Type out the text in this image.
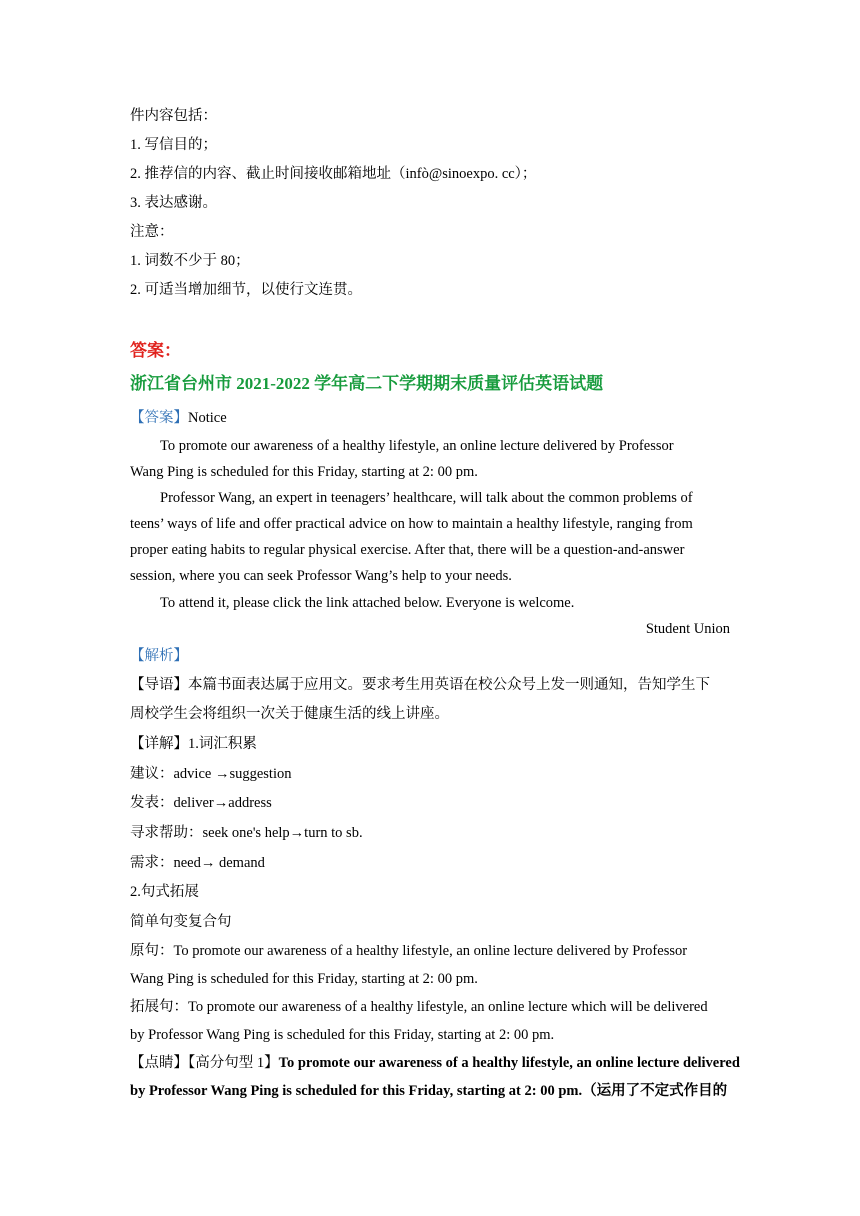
件内容包括：
1. 写信目的；
2. 推荐信的内容、截止时间接收邮箱地址（infò@sinoexpo. cc）；
3. 表达感谢。
注意：
1. 词数不少于 80；
2. 可适当增加细节，以使行文连贯。
答案：
浙江省台州市 2021-2022 学年高二下学期期末质量评估英语试题
【答案】Notice
To promote our awareness of a healthy lifestyle, an online lecture delivered by Professor
Wang Ping is scheduled for this Friday, starting at 2: 00 pm.
Professor Wang, an expert in teenagers’ healthcare, will talk about the common problems of
teens’ ways of life and offer practical advice on how to maintain a healthy lifestyle, ranging from
proper eating habits to regular physical exercise. After that, there will be a question-and-answer
session, where you can seek Professor Wang’s help to your needs.
To attend it, please click the link attached below. Everyone is welcome.
Student Union
【解析】
【导语】本篇书面表达属于应用文。要求考生用英语在校公众号上发一则通知，告知学生下
周校学生会将组织一次关于健康生活的线上讲座。
【详解】1.词汇积累
建议：advice →suggestion
发表：deliver→address
寻求帮助：seek one's help→turn to sb.
需求：need→ demand
2.句式拓展
简单句变复合句
原句：To promote our awareness of a healthy lifestyle, an online lecture delivered by Professor
Wang Ping is scheduled for this Friday, starting at 2: 00 pm.
拓展句：To promote our awareness of a healthy lifestyle, an online lecture which will be delivered
by Professor Wang Ping is scheduled for this Friday, starting at 2: 00 pm.
【点睛】【高分句型 1】To promote our awareness of a healthy lifestyle, an online lecture delivered
by Professor Wang Ping is scheduled for this Friday, starting at 2: 00 pm.（运用了不定式作目的
